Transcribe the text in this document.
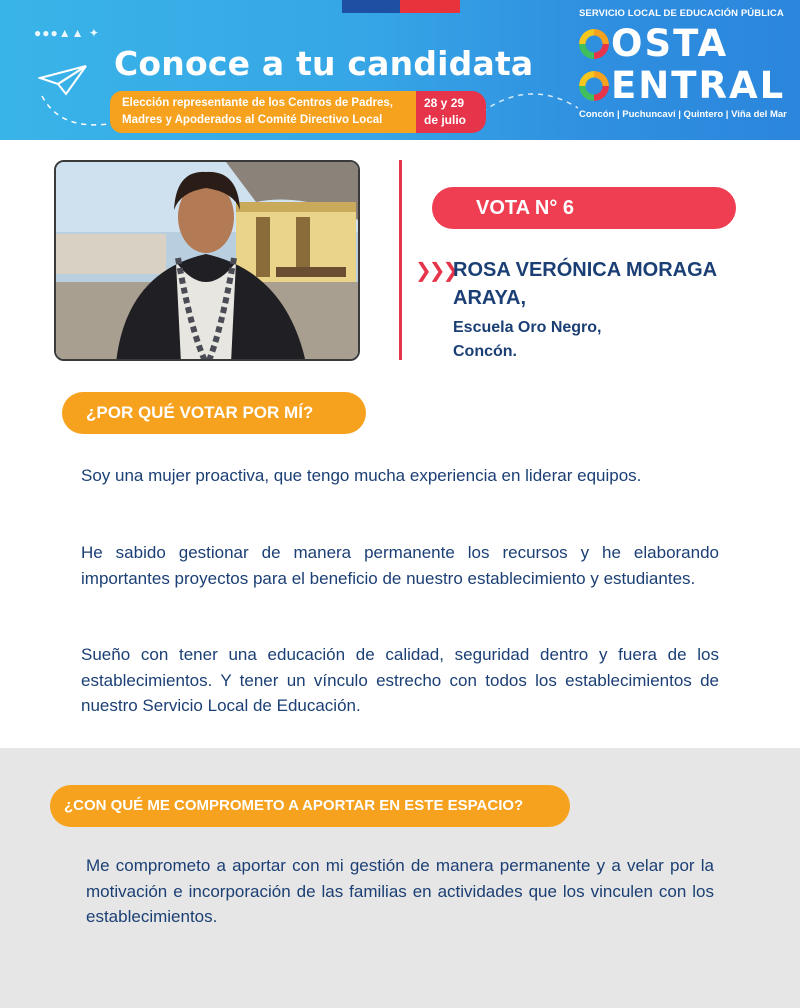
●●●▲▲ ✦
Conoce a tu candidata
Elección representante de los Centros de Padres,
Madres y Apoderados al Comité Directivo Local
28 y 29
de julio
SERVICIO LOCAL DE EDUCACIÓN PÚBLICA
OSTA
ENTRAL
Concón | Puchuncaví | Quintero | Viña del Mar
VOTA N° 6
❯❯❯
ROSA VERÓNICA MORAGA
ARAYA,
Escuela Oro Negro,
Concón.
¿POR QUÉ VOTAR POR MÍ?

Soy una mujer proactiva, que tengo mucha experiencia en liderar equipos.

He sabido gestionar de manera permanente los recursos y he elaborando importantes proyectos para el beneficio de nuestro establecimiento y estudiantes.

Sueño con tener una educación de calidad, seguridad dentro y fuera de los establecimientos. Y tener un vínculo estrecho con todos los establecimientos de nuestro Servicio Local de Educación.

¿CON QUÉ ME COMPROMETO A APORTAR EN ESTE ESPACIO?

Me comprometo a aportar con mi gestión de manera permanente y a velar por la motivación e incorporación de las familias en actividades que los vinculen con los establecimientos.
